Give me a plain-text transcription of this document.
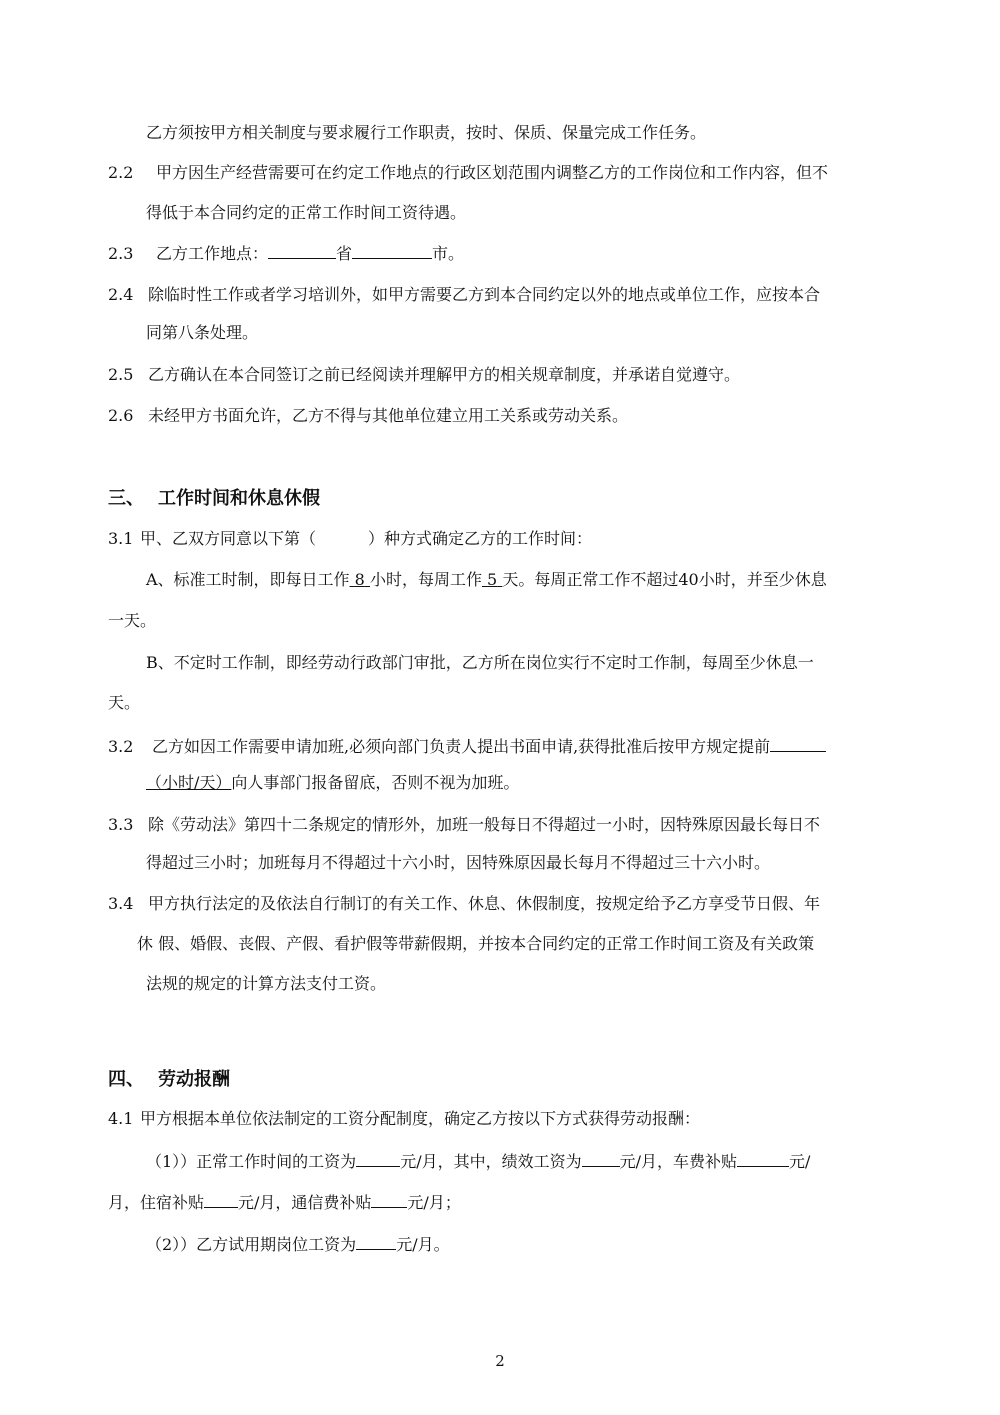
乙方须按甲方相关制度与要求履行工作职责，按时、保质、保量完成工作任务。
2.2 甲方因生产经营需要可在约定工作地点的行政区划范围内调整乙方的工作岗位和工作内容，但不
得低于本合同约定的正常工作时间工资待遇。
2.3 乙方工作地点：	省	市。
2.4 除临时性工作或者学习培训外，如甲方需要乙方到本合同约定以外的地点或单位工作，应按本合
同第八条处理。
2.5 乙方确认在本合同签订之前已经阅读并理解甲方的相关规章制度，并承诺自觉遵守。
2.6 未经甲方书面允许，乙方不得与其他单位建立用工关系或劳动关系。
三、 工作时间和休息休假
3.1 甲、乙双方同意以下第（	）种方式确定乙方的工作时间：
A、标准工时制，即每日工作 8 小时，每周工作 5 天。每周正常工作不超过40小时，并至少休息
一天。
B、不定时工作制，即经劳动行政部门审批，乙方所在岗位实行不定时工作制，每周至少休息一
天。
3.2 乙方如因工作需要申请加班,必须向部门负责人提出书面申请,获得批准后按甲方规定提前
（小时/天）向人事部门报备留底，否则不视为加班。
3.3 除《劳动法》第四十二条规定的情形外，加班一般每日不得超过一小时，因特殊原因最长每日不
得超过三小时；加班每月不得超过十六小时，因特殊原因最长每月不得超过三十六小时。
3.4 甲方执行法定的及依法自行制订的有关工作、休息、休假制度，按规定给予乙方享受节日假、年
休 假、婚假、丧假、产假、看护假等带薪假期，并按本合同约定的正常工作时间工资及有关政策
法规的规定的计算方法支付工资。
四、 劳动报酬
4.1 甲方根据本单位依法制定的工资分配制度，确定乙方按以下方式获得劳动报酬：
（1））正常工作时间的工资为	元/月，其中，绩效工资为 元/月，车费补贴	元/
月，住宿补贴 元/月，通信费补贴 元/月；
（2））乙方试用期岗位工资为	元/月。
2
